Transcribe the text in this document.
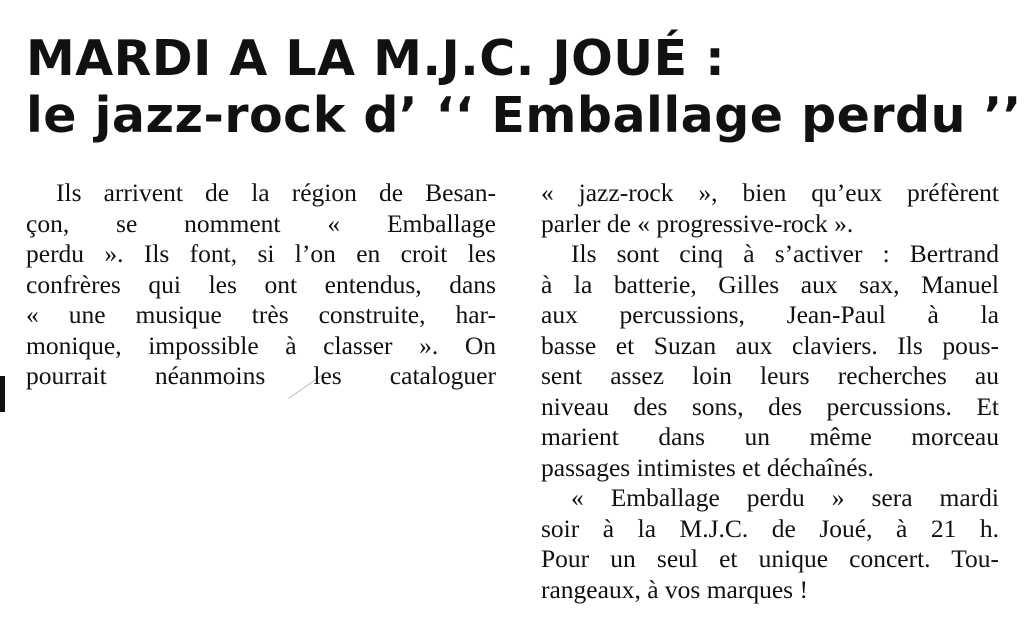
MARDI A LA M.J.C. JOUÉ :
le jazz-rock d’ ‘‘ Emballage perdu ’’
Ils arrivent de la région de Besan-
çon, se nomment « Emballage
perdu ». Ils font, si l’on en croit les
confrères qui les ont entendus, dans
« une musique très construite, har-
monique, impossible à classer ». On
pourrait néanmoins les cataloguer
« jazz-rock », bien qu’eux préfèrent
parler de « progressive-rock ».
Ils sont cinq à s’activer : Bertrand
à la batterie, Gilles aux sax, Manuel
aux percussions, Jean-Paul à la
basse et Suzan aux claviers. Ils pous-
sent assez loin leurs recherches au
niveau des sons, des percussions. Et
marient dans un même morceau
passages intimistes et déchaînés.
« Emballage perdu » sera mardi
soir à la M.J.C. de Joué, à 21 h.
Pour un seul et unique concert. Tou-
rangeaux, à vos marques !
